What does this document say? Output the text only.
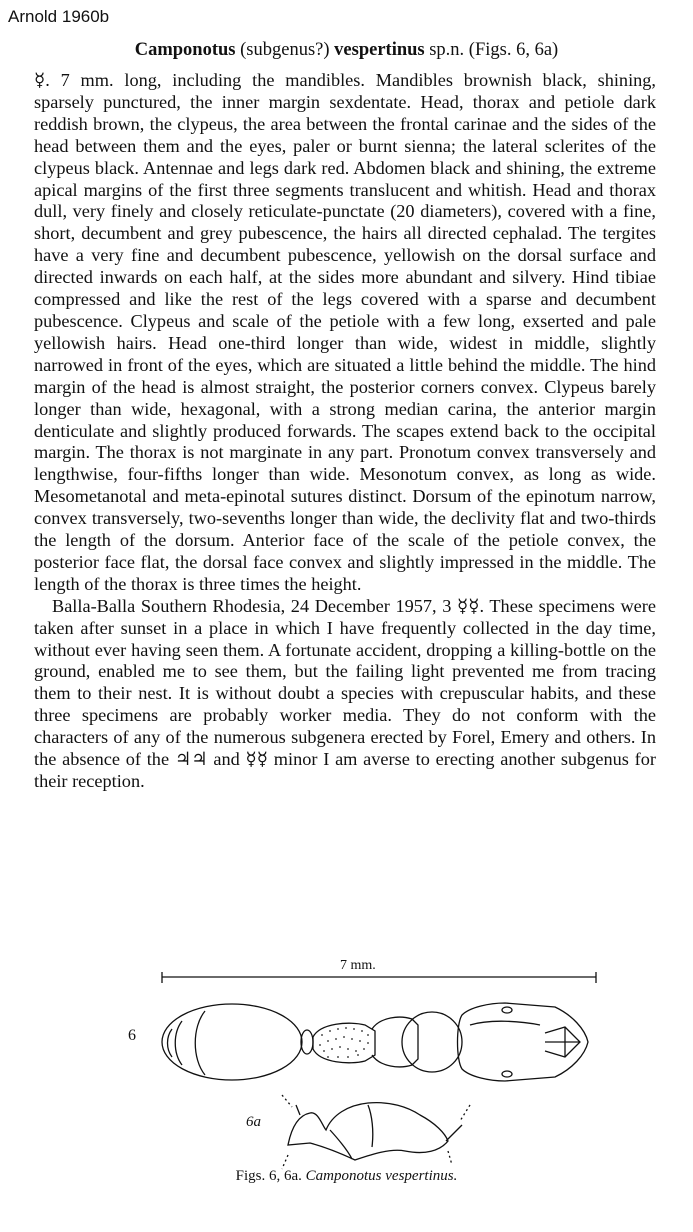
Arnold 1960b
Camponotus (subgenus?) vespertinus sp.n. (Figs. 6, 6a)

☿. 7 mm. long, including the mandibles. Mandibles brownish black, shining, sparsely punctured, the inner margin sexdentate. Head, thorax and petiole dark reddish brown, the clypeus, the area between the frontal carinae and the sides of the head between them and the eyes, paler or burnt sienna; the lateral sclerites of the clypeus black. Antennae and legs dark red. Abdomen black and shining, the extreme apical margins of the first three segments translucent and whitish. Head and thorax dull, very finely and closely reticulate-punctate (20 diameters), covered with a fine, short, decumbent and grey pubescence, the hairs all directed cephalad. The tergites have a very fine and decumbent pubescence, yellowish on the dorsal surface and directed inwards on each half, at the sides more abundant and silvery. Hind tibiae compressed and like the rest of the legs covered with a sparse and decumbent pubescence. Clypeus and scale of the petiole with a few long, exserted and pale yellowish hairs. Head one-third longer than wide, widest in middle, slightly narrowed in front of the eyes, which are situated a little behind the middle. The hind margin of the head is almost straight, the posterior corners convex. Clypeus barely longer than wide, hexagonal, with a strong median carina, the anterior margin denticulate and slightly produced forwards. The scapes extend back to the occipital margin. The thorax is not marginate in any part. Pronotum convex transversely and lengthwise, four-fifths longer than wide. Mesonotum convex, as long as wide. Mesometanotal and meta-epinotal sutures distinct. Dorsum of the epinotum narrow, convex transversely, two-sevenths longer than wide, the declivity flat and two-thirds the length of the dorsum. Anterior face of the scale of the petiole convex, the posterior face flat, the dorsal face convex and slightly impressed in the middle. The length of the thorax is three times the height.

Balla-Balla Southern Rhodesia, 24 December 1957, 3 ☿☿. These specimens were taken after sunset in a place in which I have frequently collected in the day time, without ever having seen them. A fortunate accident, dropping a killing-bottle on the ground, enabled me to see them, but the failing light prevented me from tracing them to their nest. It is without doubt a species with crepuscular habits, and these three specimens are probably worker media. They do not conform with the characters of any of the numerous subgenera erected by Forel, Emery and others. In the absence of the ♃♃ and ☿☿ minor I am averse to erecting another subgenus for their reception.

7 mm.
6
6a
Figs. 6, 6a. Camponotus vespertinus.
